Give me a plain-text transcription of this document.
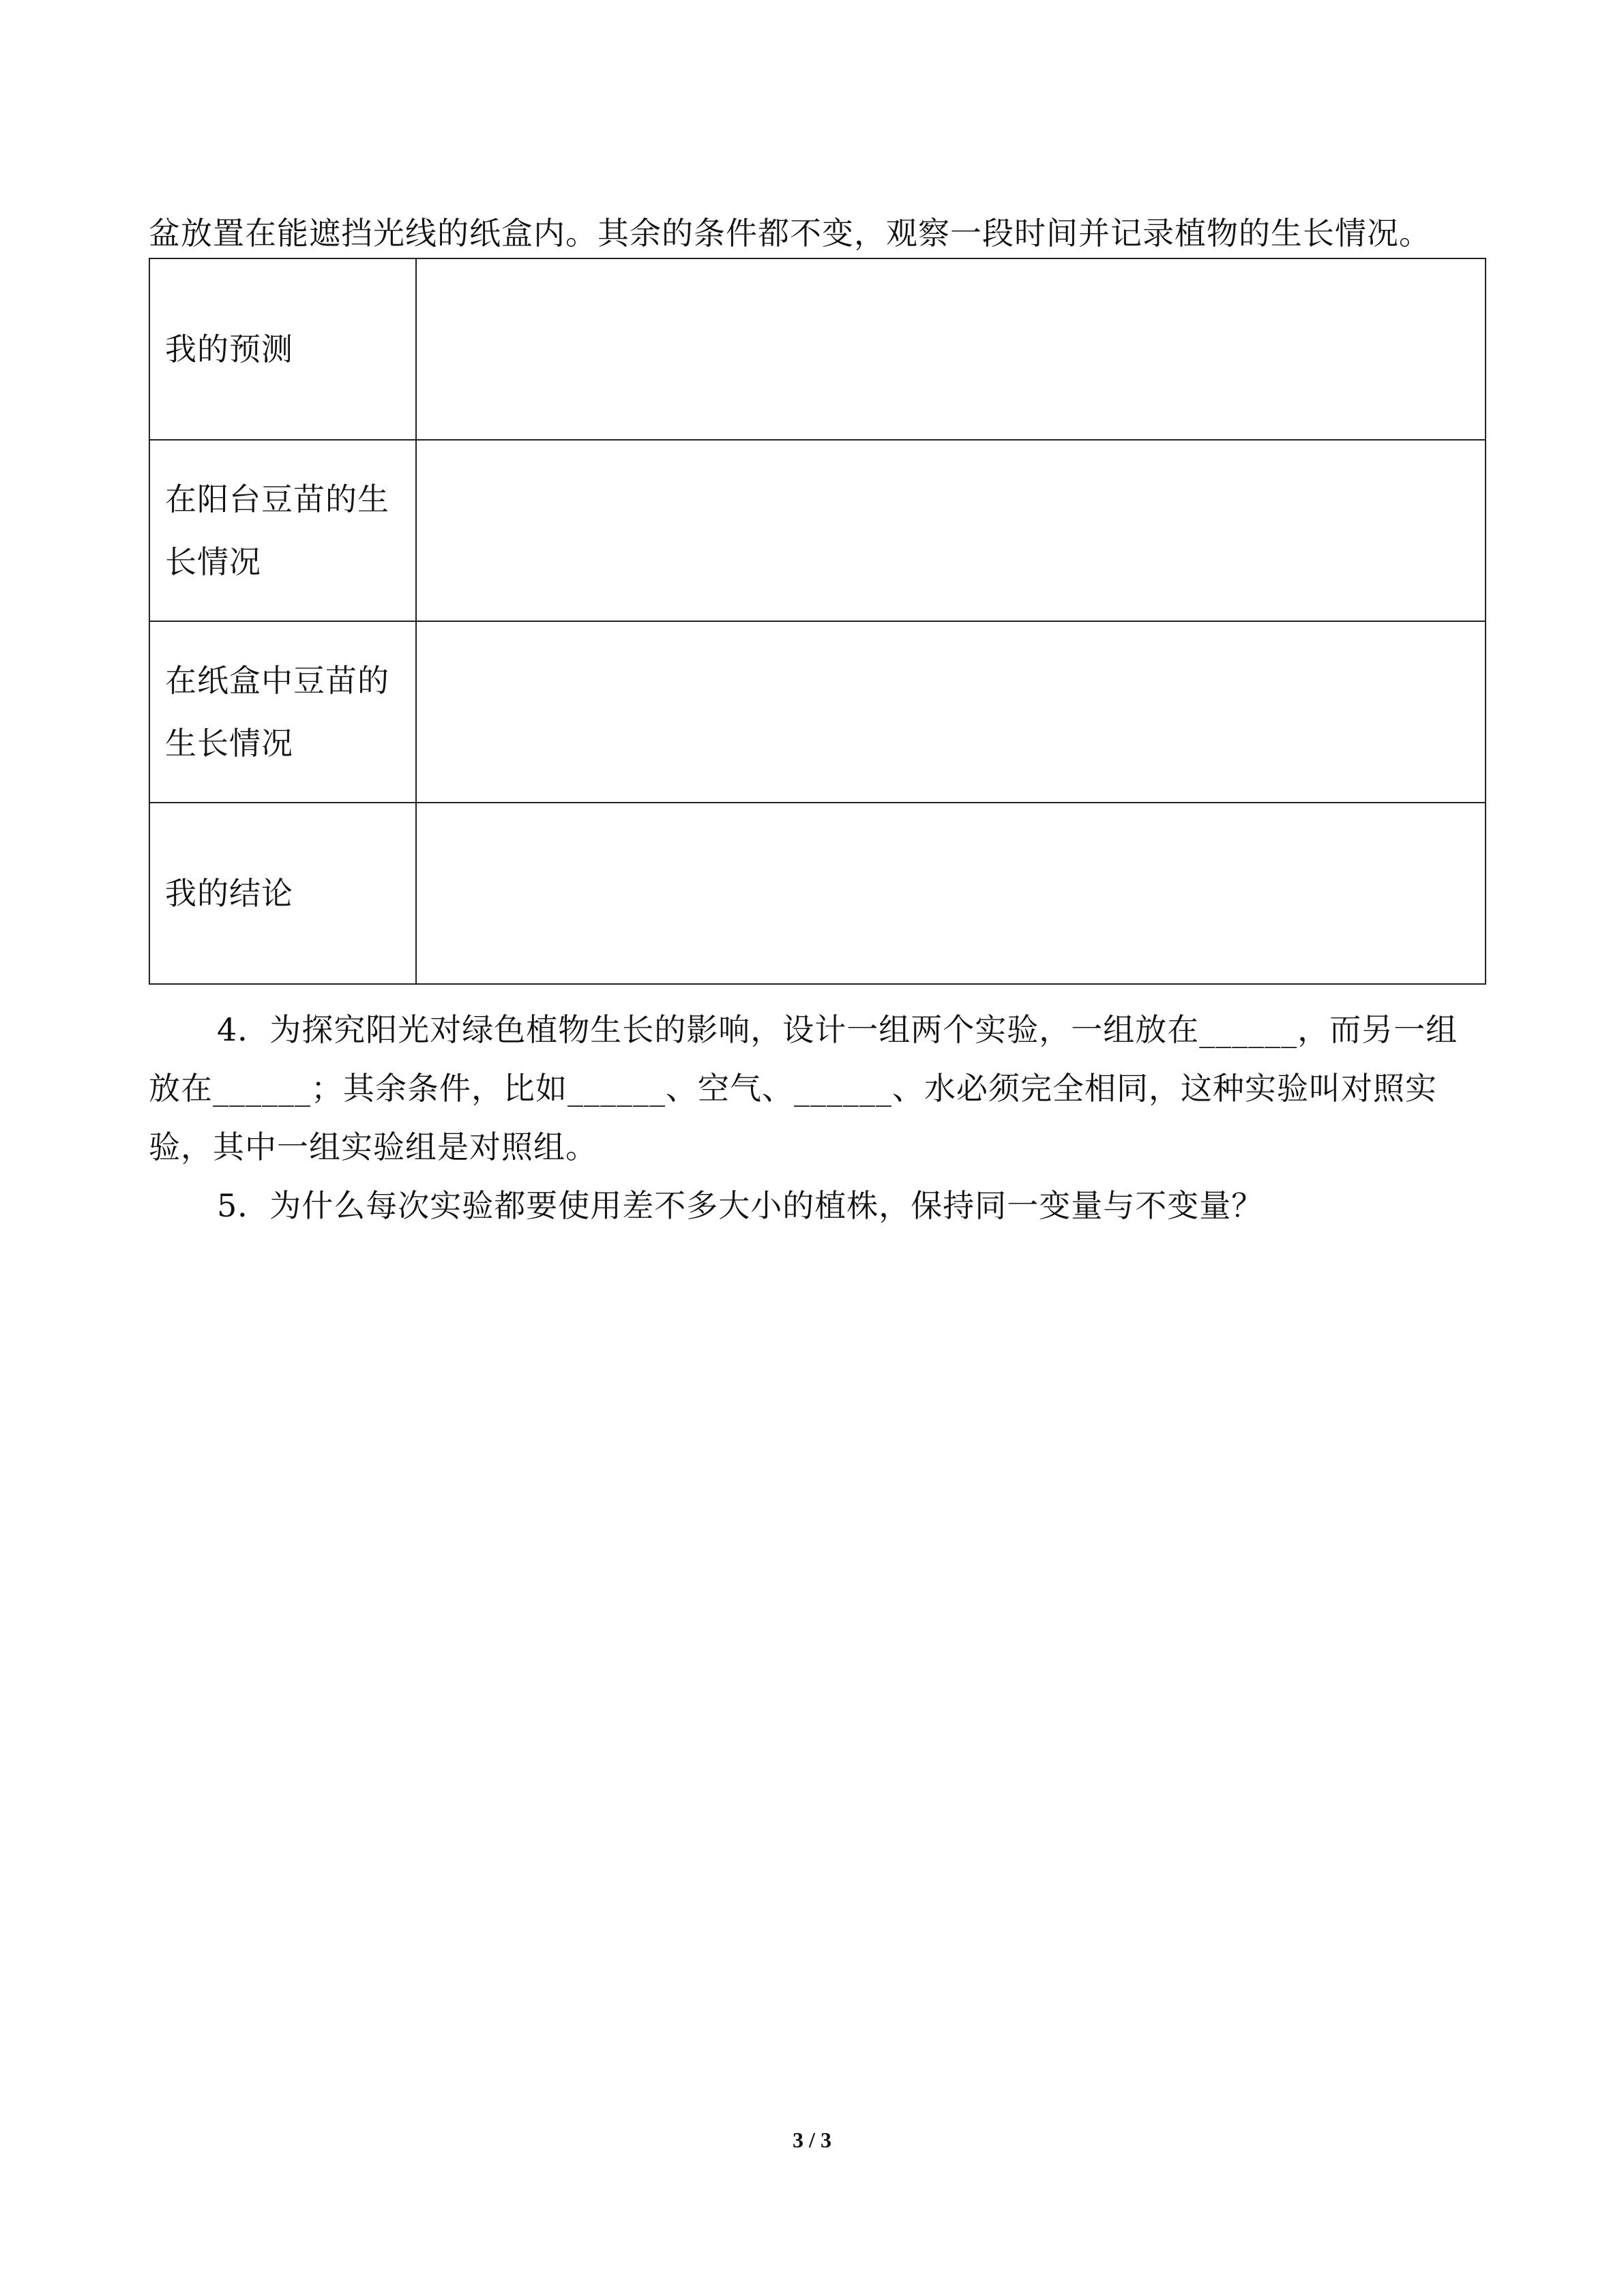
盆放置在能遮挡光线的纸盒内。其余的条件都不变，观察一段时间并记录植物的生长情况。
我的预测	
在阳台豆苗的生长情况	
在纸盒中豆苗的生长情况	
我的结论	
4．为探究阳光对绿色植物生长的影响，设计一组两个实验，一组放在______，而另一组
放在______；其余条件，比如______、空气、______、水必须完全相同，这种实验叫对照实
验，其中一组实验组是对照组。
5．为什么每次实验都要使用差不多大小的植株，保持同一变量与不变量？
3 / 3
